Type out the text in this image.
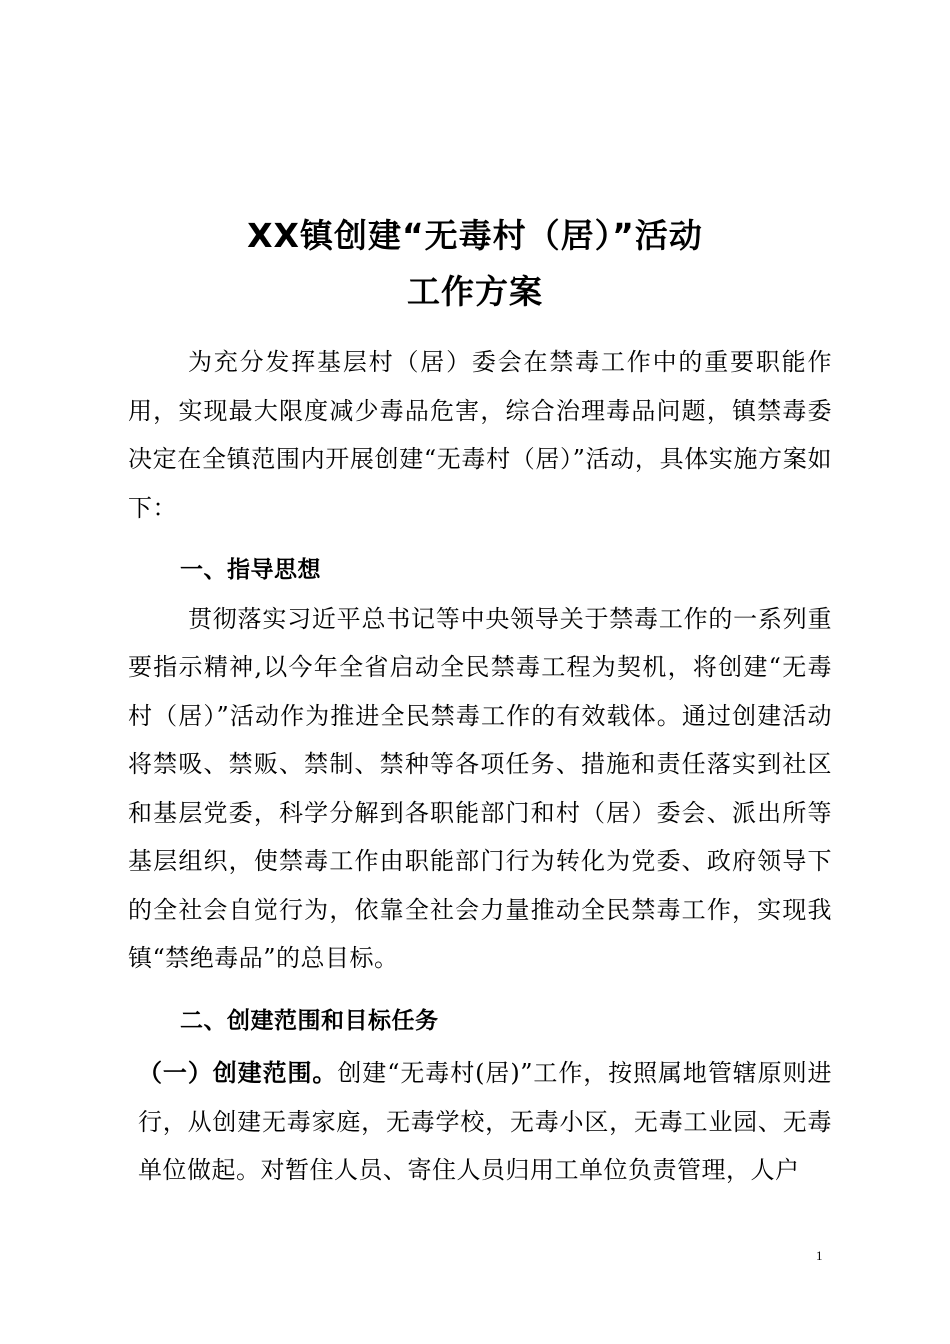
XX镇创建“无毒村（居）”活动
工作方案

为充分发挥基层村（居）委会在禁毒工作中的重要职能作用，实现最大限度减少毒品危害，综合治理毒品问题，镇禁毒委决定在全镇范围内开展创建“无毒村（居）”活动，具体实施方案如下：

一、指导思想

贯彻落实习近平总书记等中央领导关于禁毒工作的一系列重要指示精神,以今年全省启动全民禁毒工程为契机，将创建“无毒村（居）”活动作为推进全民禁毒工作的有效载体。通过创建活动将禁吸、禁贩、禁制、禁种等各项任务、措施和责任落实到社区和基层党委，科学分解到各职能部门和村（居）委会、派出所等基层组织，使禁毒工作由职能部门行为转化为党委、政府领导下的全社会自觉行为，依靠全社会力量推动全民禁毒工作，实现我镇“禁绝毒品”的总目标。

二、创建范围和目标任务

（一）创建范围。创建“无毒村(居)”工作，按照属地管辖原则进行，从创建无毒家庭，无毒学校，无毒小区，无毒工业园、无毒单位做起。对暂住人员、寄住人员归用工单位负责管理，人户

1
